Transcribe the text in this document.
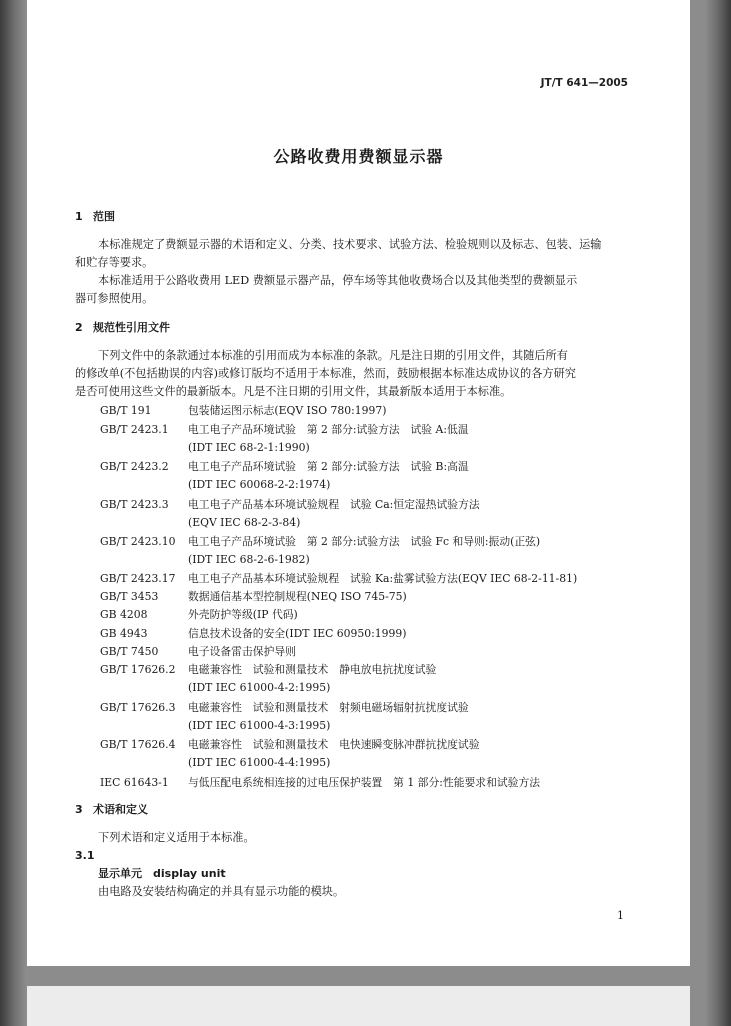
JT/T 641—2005
公路收费用费额显示器
1 范围
本标准规定了费额显示器的术语和定义、分类、技术要求、试验方法、检验规则以及标志、包装、运输
和贮存等要求。
本标准适用于公路收费用 LED 费额显示器产品，停车场等其他收费场合以及其他类型的费额显示
器可参照使用。
2 规范性引用文件
下列文件中的条款通过本标准的引用而成为本标准的条款。凡是注日期的引用文件，其随后所有
的修改单(不包括勘误的内容)或修订版均不适用于本标准，然而，鼓励根据本标准达成协议的各方研究
是否可使用这些文件的最新版本。凡是不注日期的引用文件，其最新版本适用于本标准。
GB/T 191	包装储运图示标志(EQV ISO 780:1997)
GB/T 2423.1 电工电子产品环境试验　第 2 部分:试验方法　试验 A:低温
(IDT IEC 68-2-1:1990)
GB/T 2423.2 电工电子产品环境试验　第 2 部分:试验方法　试验 B:高温
(IDT IEC 60068-2-2:1974)
GB/T 2423.3 电工电子产品基本环境试验规程　试验 Ca:恒定湿热试验方法
(EQV IEC 68-2-3-84)
GB/T 2423.10 电工电子产品环境试验　第 2 部分:试验方法　试验 Fc 和导则:振动(正弦)
(IDT IEC 68-2-6-1982)
GB/T 2423.17 电工电子产品基本环境试验规程　试验 Ka:盐雾试验方法(EQV IEC 68-2-11-81)
GB/T 3453	数据通信基本型控制规程(NEQ ISO 745-75)
GB 4208	外壳防护等级(IP 代码)
GB 4943	信息技术设备的安全(IDT IEC 60950:1999)
GB/T 7450	电子设备雷击保护导则
GB/T 17626.2 电磁兼容性　试验和测量技术　静电放电抗扰度试验
(IDT IEC 61000-4-2:1995)
GB/T 17626.3 电磁兼容性　试验和测量技术　射频电磁场辐射抗扰度试验
(IDT IEC 61000-4-3:1995)
GB/T 17626.4 电磁兼容性　试验和测量技术　电快速瞬变脉冲群抗扰度试验
(IDT IEC 61000-4-4:1995)
IEC 61643-1 与低压配电系统相连接的过电压保护装置　第 1 部分:性能要求和试验方法
3 术语和定义
下列术语和定义适用于本标准。
3.1
显示单元　display unit
由电路及安装结构确定的并具有显示功能的模块。
1
